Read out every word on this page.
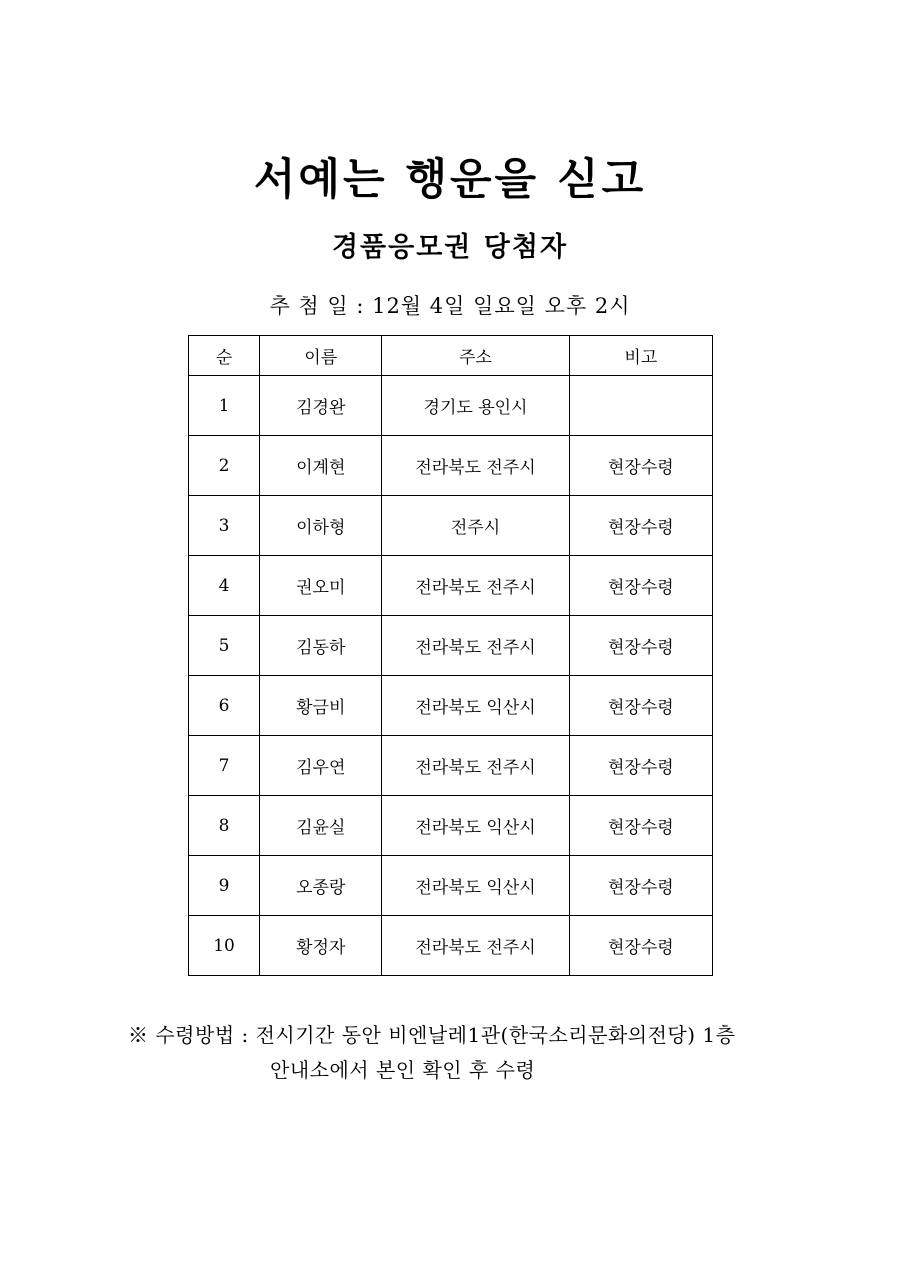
서예는 행운을 싣고
경품응모권 당첨자
추 첨 일 : 12월 4일 일요일 오후 2시
순	이름	주소	비고
1	김경완	경기도 용인시	
2	이계현	전라북도 전주시	현장수령
3	이하형	전주시	현장수령
4	권오미	전라북도 전주시	현장수령
5	김동하	전라북도 전주시	현장수령
6	황금비	전라북도 익산시	현장수령
7	김우연	전라북도 전주시	현장수령
8	김윤실	전라북도 익산시	현장수령
9	오종랑	전라북도 익산시	현장수령
10	황정자	전라북도 전주시	현장수령
※ 수령방법 : 전시기간 동안 비엔날레1관(한국소리문화의전당) 1층
안내소에서 본인 확인 후 수령
